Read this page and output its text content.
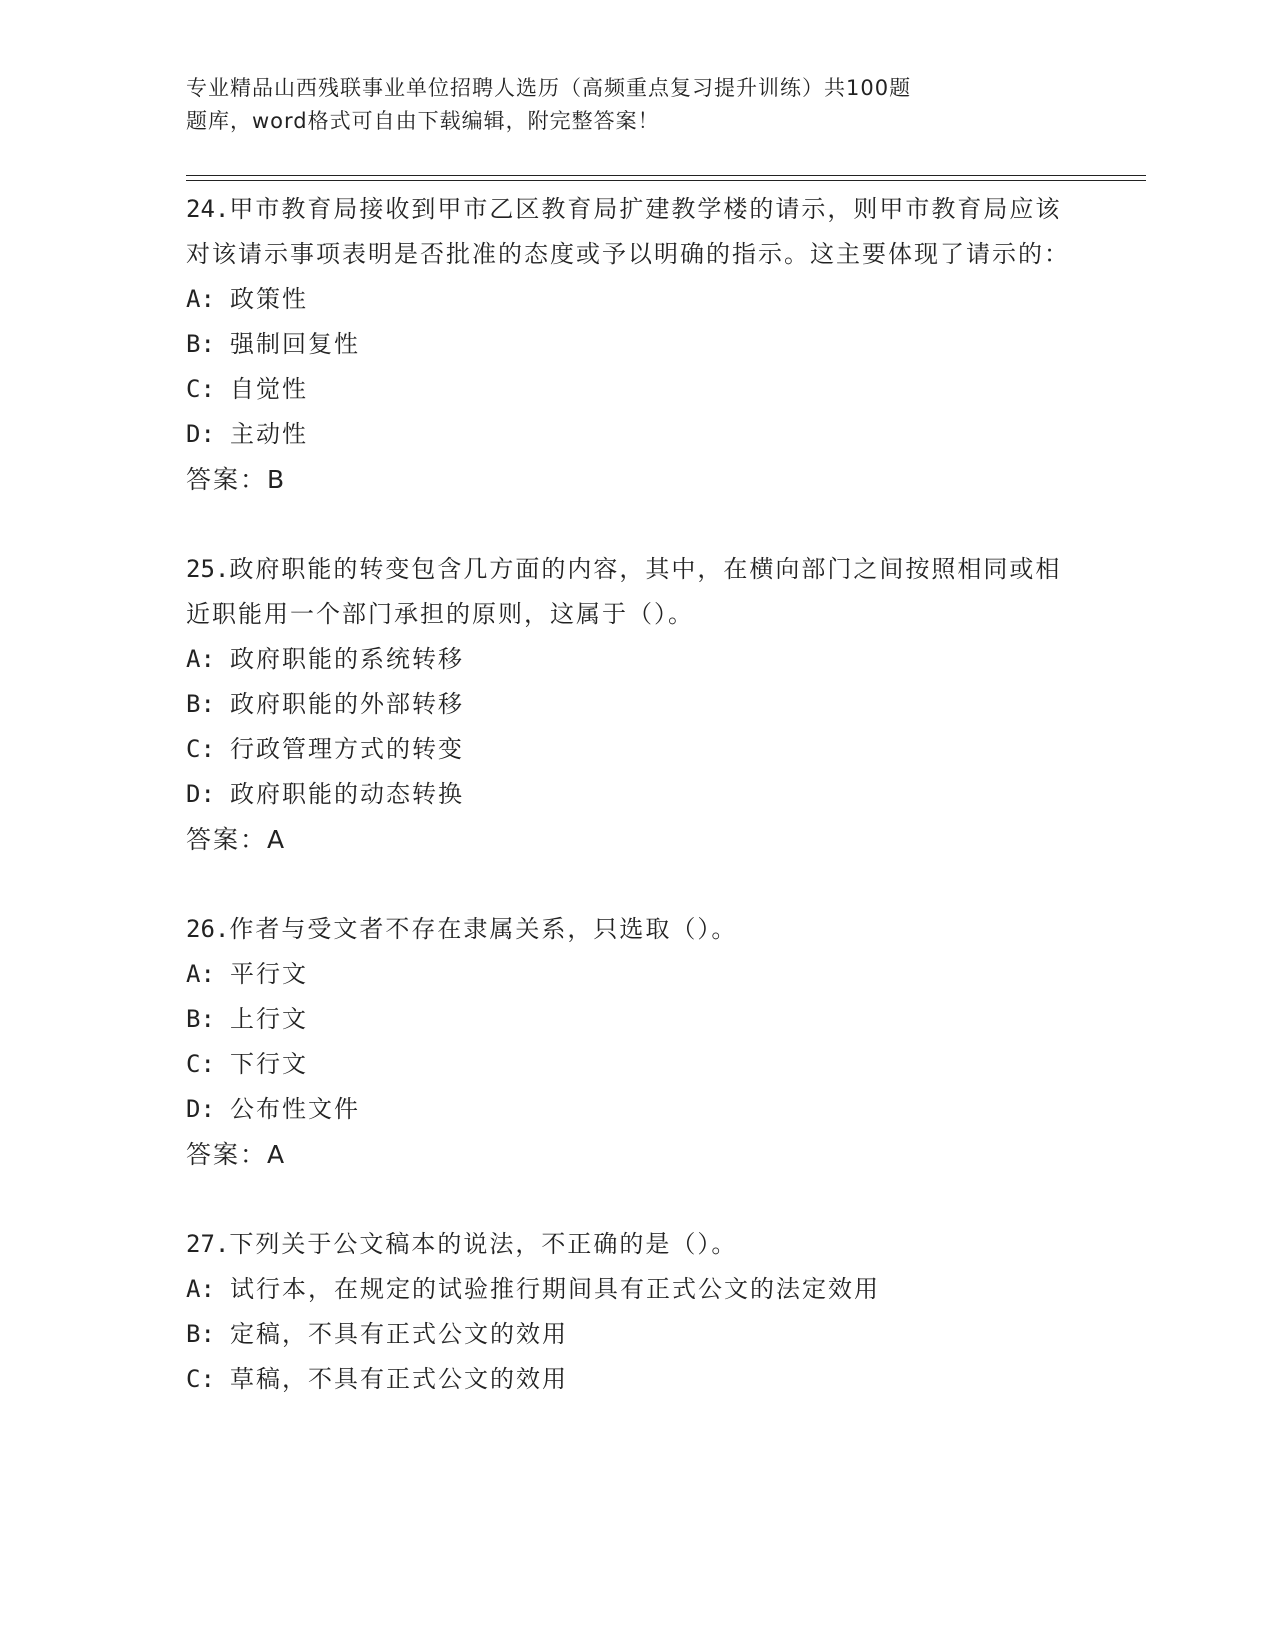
专业精品山西残联事业单位招聘人选历（高频重点复习提升训练）共100题
题库，word格式可自由下载编辑，附完整答案！
24.甲市教育局接收到甲市乙区教育局扩建教学楼的请示，则甲市教育局应该对该请示事项表明是否批准的态度或予以明确的指示。这主要体现了请示的：
A: 政策性
B: 强制回复性
C: 自觉性
D: 主动性
答案：B
25.政府职能的转变包含几方面的内容，其中，在横向部门之间按照相同或相近职能用一个部门承担的原则，这属于（）。
A: 政府职能的系统转移
B: 政府职能的外部转移
C: 行政管理方式的转变
D: 政府职能的动态转换
答案：A
26.作者与受文者不存在隶属关系，只选取（）。
A: 平行文
B: 上行文
C: 下行文
D: 公布性文件
答案：A
27.下列关于公文稿本的说法，不正确的是（）。
A: 试行本，在规定的试验推行期间具有正式公文的法定效用
B: 定稿，不具有正式公文的效用
C: 草稿，不具有正式公文的效用
